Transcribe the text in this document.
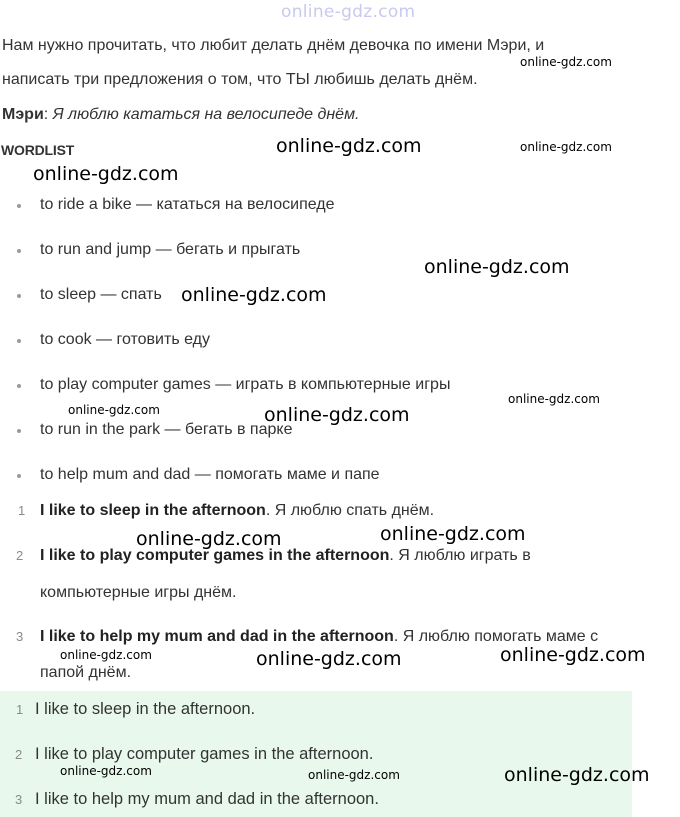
online-gdz.com
Нам нужно прочитать, что любит делать днём девочка по имени Мэри, и
написать три предложения о том, что ТЫ любишь делать днём.
Мэри: Я люблю кататься на велосипеде днём.
WORDLIST
to ride a bike — кататься на велосипеде
to run and jump — бегать и прыгать
to sleep — спать
to cook — готовить еду
to play computer games — играть в компьютерные игры
to run in the park — бегать в парке
to help mum and dad — помогать маме и папе
1 I like to sleep in the afternoon. Я люблю спать днём.
2 I like to play computer games in the afternoon. Я люблю играть в
компьютерные игры днём.
3 I like to help my mum and dad in the afternoon. Я люблю помогать маме с
папой днём.
1 I like to sleep in the afternoon.
2 I like to play computer games in the afternoon.
3 I like to help my mum and dad in the afternoon.
online-gdz.com
online-gdz.com	online-gdz.com
online-gdz.com
online-gdz.com
online-gdz.com
online-gdz.com
online-gdz.com	online-gdz.com
online-gdz.com	online-gdz.com
online-gdz.com	online-gdz.com	online-gdz.com
online-gdz.com	online-gdz.com	online-gdz.com
